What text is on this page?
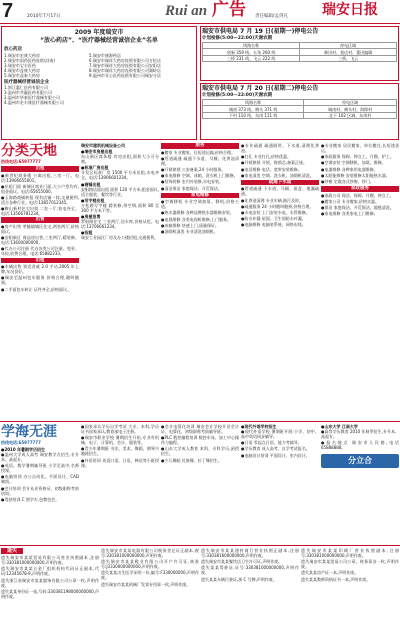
7	2010年7月17日	Rui an 广告 责任编辑/孟剑凡 瑞安日报
2009 年度瑞安市
“放心药店”、“医疗器械经营诚信企业”名单
放心药店
1.瑞安市宏康大药房
2.瑞安市国药医药连锁店(南)
3.瑞安市宝丰医药
4.瑞安市益康大药房
5.瑞安市益泰大药房
5.瑞安市康源药店
6.瑞安市瑞祥大药房连锁有限公司万松店
7.瑞安市瑞祥大药房连锁有限公司安阳店
8.瑞安市瑞祥大药房连锁有限公司湖岭店
9.温州市亚心医药连锁有限公司瑞安分店
医疗器械经营诚信企业
1.浙江惠仁医药有限公司
3.温州市共赢医药有限公司
2.温州市华泰医疗器械有限公司
4.温州市宏丰康医疗器械有限公司
瑞安市供电局 7 月 19 日(星期一)停电公告
计划检修(5:00—22:00)天谢农期
线路名称	停电区域
创新 359 线、五角 260 线	韩田村、莫店村、董田编辑
三桥 231 线、飞云 222 线	三桥、飞云
瑞安市供电局 7 月 20 日(星期二)停电公告
计划检修(5:00—22:00)天谢农期
线路名称	停电区域
城南 373 线、梅头 371 线	城南村、梅头村、海郎村
下村 110 线、东岗 111 线	北下 102 区域、东岗村
分类天地
热线电话:65977777
出租

●新世纪商务楼 公寓出租,三房一厅。电话:13906655001。

●出租门面 新城区商业门面,大小户型均有,租金面议。电话:65655000。

●玉海路商铺转租 现有店铺一间,交通便利,适合各种行业。电话:13857012345。

●鞍山新村住宅出租 二室一厅,家电齐全。电话:13566781234。

出售

●房产出售 莘塍镇城区住宅,两室两厅,价格面议。

●安阳新区 商品房出售,三室两厅,精装修。电话:13600000000。

●代办公司注册 代办各类公司注册、变更、年检,收费合理。电话:65882233。

出租

●车辆出售 别克君威 2.0 手动,2005 年上牌,车况良好。

●瑞安至温州包车服务 价格合理,随叫随到。

●二手面包车转让 证件齐全,价格面议。

瑞安市建筑机械设备公司

●瑞安市房屋出租

东山新区商务楼 有房出租,面积大小可分割。

●标准厂房出租

开发区标准厂房 1500 平方米出租,水电齐全。电话:13906601234。

●商铺出租

安阳路店面出租 面积 120 平方米,租金面议,适合服装、餐饮等行业。

●写字楼出租

万松路写字楼 精装修,带空调,面积 80 至 300 平方米不等。

●房屋急售

罗阳路住宅 三室两厅,送车库,价格从优。电话:13706661234。

●招租

瑞安工业园区厂房及办公楼招租,交通便利。

服务

●搬家 专业搬家、长短途运输,价格合理。

●管道疏通 疏通下水道、马桶、化粪池清理。

●开锁换锁 公安备案,24 小时服务。

●家电维修 空调、冰箱、洗衣机上门维修。

●装饰装修 室内外装修,水电安装。

●清洁保洁 家庭保洁、开荒保洁。

家电维修

●空调移机 专业空调加氨、移机,价格公道。

●热水器维修 各种品牌热水器维修安装。

●电视维修 各类电视机维修,上门服务。

●冰箱维修 快速上门,质量保证。

●油烟机清洗 专业清洗油烟机。

●专业疏通 疏通厕所、下水道,清理化粪池。

●打孔 专业打孔,价格优惠。

●开锁换锁 开锁、换锁芯,备案正规。

●电话维修 电话、宽带安装维修。

●家电清洗 空调、洗衣机、油烟机清洗。

疏通下水道

●管道疏通 下水道、马桶、面盆、地漏疏通。

●化粪池清理 专业车辆,抽污及时。

●疏通服务 24 小时随叫随到,价格合理。

●水电安装 上门安装水电、水管维修。

●防水补漏 屋面、卫生间防水补漏。

●电脑维修 电脑装系统、网络布线。

●专业搬家 居民搬家、单位搬迁,长短途货运。

●家政服务 保姆、钟点工、月嫂、护工。

●空调安装 空调移机、加氨、维修。

●电器维修 各种家用电器维修。

●太阳能维修 安装维修太阳能热水器。

●纱窗 定做各式纱窗、纱门。

家政服务

●家政公司 保洁、保姆、月嫂、钟点工。

●搬家公司 专业搬家,价格实惠。

●保洁 家庭保洁、开荒保洁、地毯清洗。

●家电维修 各类家电上门维修。

学海无涯
热线电话:65977777
●2010 年暑期学历招生

●温州大学成人高考 瑞安教学点招生,专升本、高起专。

●英语、数学暑期辅导班 小学至高中,名师授课。

●电脑培训 办公自动化、平面设计、CAD 制图。

●会计培训 会计从业资格证、初级职称考前培训。

●驾驶培训 C 照学车,包教包会。

●国家承认学历自学考试 大专、本科,学历证书国家承认,教育部电子注册。

●瑞安市职业学校 暑期招生开始,专业有机械、电子、计算机、会计、服装等。

●青少年暑期班 书法、美术、舞蹈、钢琴兴趣班招生。

●外语培训 英语口语、日语、韩语等小班授课。

●会计电算化培训 瑞安会计学校开设会计证、电算化、初级职称考前辅导班。

●PLC 数控编程培训 数控车床、加工中心操作与编程。

●山东大学成人教育 本科、专科学历,函授招生。

●少儿舞蹈 民族舞、拉丁舞招生。

●现代外语学校招生

●现代外语学校 暑期班开班:小学、初中、高中英语同步辅导。

●日语 零起点日语、能力考辅导。

●学历教育 成人高考、自学考试报名。

●电脑设计培训 平面设计、室内设计。

●山东大学 江南大学

●高等学历教育 2010 年秋季招生,专升本、高起专。

●报名地点 瑞安市人民路,电话 65888888。

分立合
遗失

遗失瑞安市某某贸易有限公司营业执照副本,注册号:330381000000000,声明作废。

遗失瑞安市某某五金厂组织机构代码证正副本,代码:12345678-9,声明作废。

遗失浙江省瑞安市某某服饰有限公司公章一枚,声明作废。

遗失某某身份证一张,号码:330381198000000000,声明作废。

遗失瑞安市某某电器有限公司税务登记证正副本,税号:330381000000000,声明作废。

遗失瑞安市某某鞋业有限公司开户许可证,核准号:J3330000000000,声明作废。

遗失某某出生医学证明一份,编号:F330000000,声明作废。

遗失瑞安市某某机械厂发票专用章一枚,声明作废。

遗失瑞安市某某建材商行营业执照正副本,注册号:330381600000000,声明作废。

遗失瑞安市某某餐饮店卫生许可证,声明作废。

遗失某某驾驶证,证号:330381000000000,声明作废。

遗失某某车辆行驶证,浙 C 号牌,声明作废。

遗失瑞安市某某印刷厂营业执照副本,注册号:330381000000000,声明作废。

遗失瑞安市某某贸易公司公章、财务章各一枚,声明作废。

遗失某某房产证一本,声明作废。

遗失某某教师资格证书一本,声明作废。
